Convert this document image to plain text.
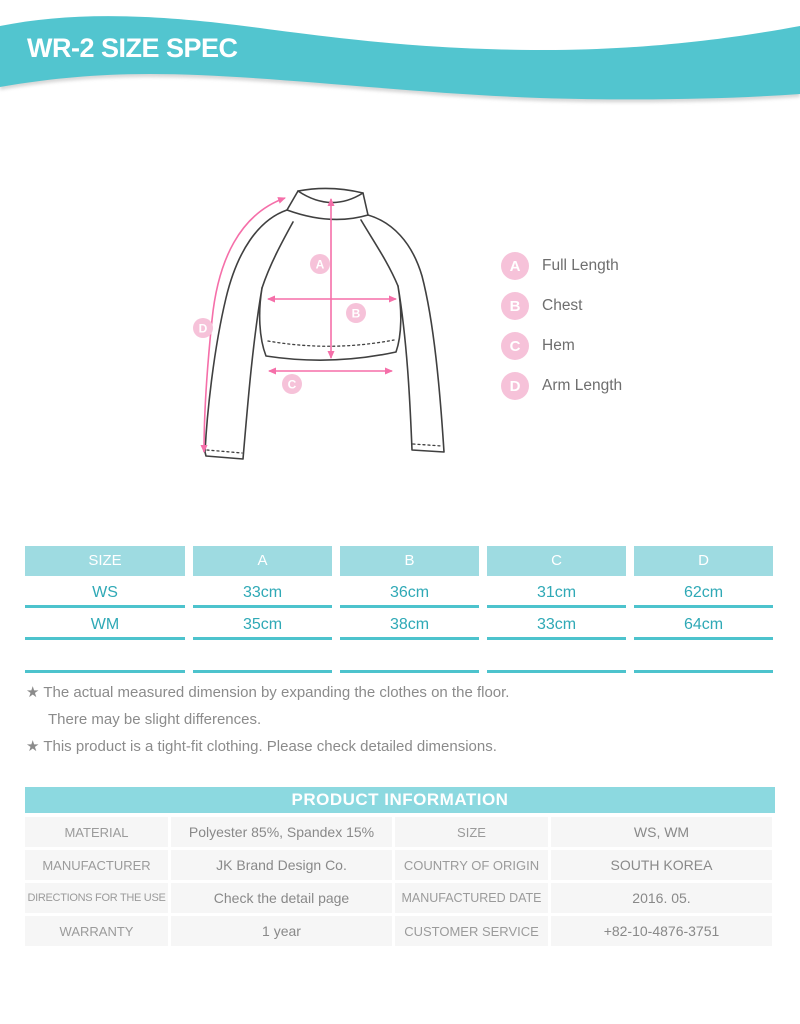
WR-2 SIZE SPEC
A
B
C
D
A	Full Length
B	Chest
C	Hem
D	Arm Length
SIZE	A	B	C	D
WS	33cm	36cm	31cm	62cm
WM	35cm	38cm	33cm	64cm
★ The actual measured dimension by expanding the clothes on the floor.
There may be slight differences.
★ This product is a tight-fit clothing. Please check detailed dimensions.
PRODUCT INFORMATION
MATERIAL	Polyester 85%, Spandex 15%	SIZE	WS, WM
MANUFACTURER	JK Brand Design Co.	COUNTRY OF ORIGIN	SOUTH KOREA
DIRECTIONS FOR THE USE	Check the detail page	MANUFACTURED DATE	2016. 05.
WARRANTY	1 year	CUSTOMER SERVICE	+82-10-4876-3751
